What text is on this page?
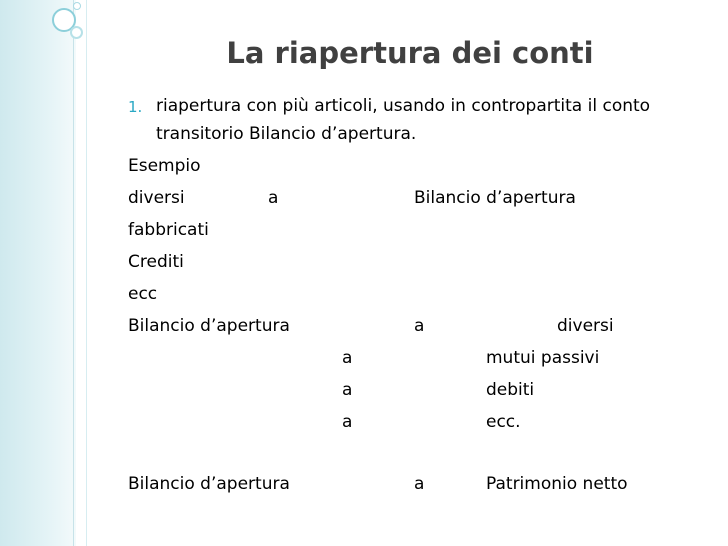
La riapertura dei conti
1. riapertura con più articoli, usando in contropartita il conto
transitorio Bilancio d’apertura.
Esempio
diversi	a	Bilancio d’apertura
fabbricati
Crediti
ecc
Bilancio d’apertura	a	diversi
a	mutui passivi
a	debiti
a	ecc.
Bilancio d’apertura	a	Patrimonio netto
